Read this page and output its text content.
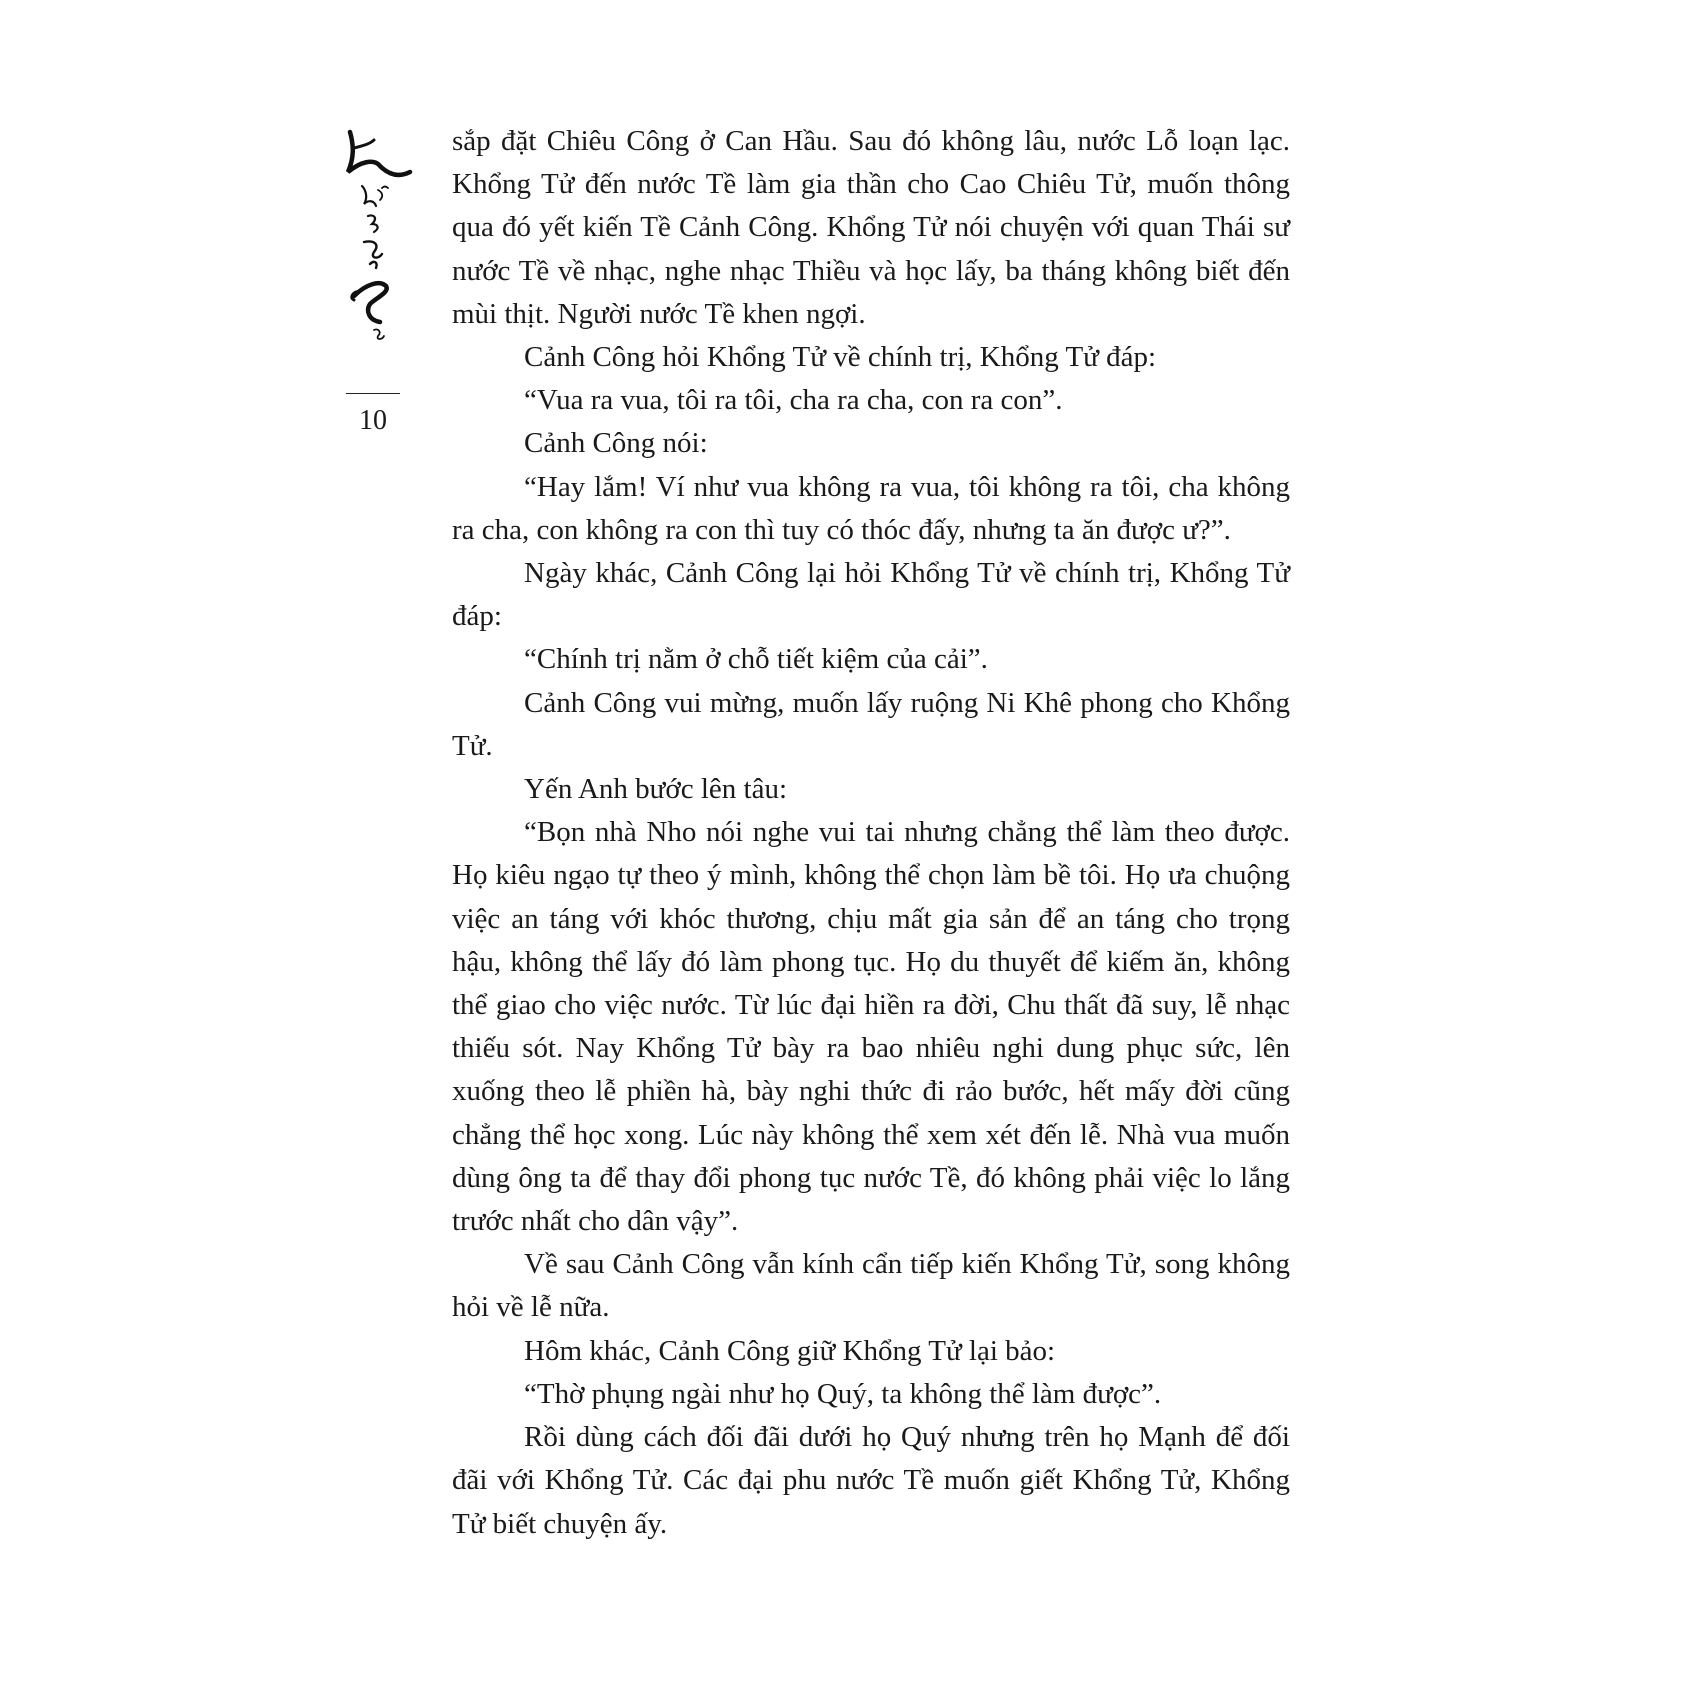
10

sắp đặt Chiêu Công ở Can Hầu. Sau đó không lâu, nước Lỗ loạn lạc. Khổng Tử đến nước Tề làm gia thần cho Cao Chiêu Tử, muốn thông qua đó yết kiến Tề Cảnh Công. Khổng Tử nói chuyện với quan Thái sư nước Tề về nhạc, nghe nhạc Thiều và học lấy, ba tháng không biết đến mùi thịt. Người nước Tề khen ngợi.

Cảnh Công hỏi Khổng Tử về chính trị, Khổng Tử đáp:

“Vua ra vua, tôi ra tôi, cha ra cha, con ra con”.

Cảnh Công nói:

“Hay lắm! Ví như vua không ra vua, tôi không ra tôi, cha không ra cha, con không ra con thì tuy có thóc đấy, nhưng ta ăn được ư?”.

Ngày khác, Cảnh Công lại hỏi Khổng Tử về chính trị, Khổng Tử đáp:

“Chính trị nằm ở chỗ tiết kiệm của cải”.

Cảnh Công vui mừng, muốn lấy ruộng Ni Khê phong cho Khổng Tử.

Yến Anh bước lên tâu:

“Bọn nhà Nho nói nghe vui tai nhưng chẳng thể làm theo được. Họ kiêu ngạo tự theo ý mình, không thể chọn làm bề tôi. Họ ưa chuộng việc an táng với khóc thương, chịu mất gia sản để an táng cho trọng hậu, không thể lấy đó làm phong tục. Họ du thuyết để kiếm ăn, không thể giao cho việc nước. Từ lúc đại hiền ra đời, Chu thất đã suy, lễ nhạc thiếu sót. Nay Khổng Tử bày ra bao nhiêu nghi dung phục sức, lên xuống theo lễ phiền hà, bày nghi thức đi rảo bước, hết mấy đời cũng chẳng thể học xong. Lúc này không thể xem xét đến lễ. Nhà vua muốn dùng ông ta để thay đổi phong tục nước Tề, đó không phải việc lo lắng trước nhất cho dân vậy”.

Về sau Cảnh Công vẫn kính cẩn tiếp kiến Khổng Tử, song không hỏi về lễ nữa.

Hôm khác, Cảnh Công giữ Khổng Tử lại bảo:

“Thờ phụng ngài như họ Quý, ta không thể làm được”.

Rồi dùng cách đối đãi dưới họ Quý nhưng trên họ Mạnh để đối đãi với Khổng Tử. Các đại phu nước Tề muốn giết Khổng Tử, Khổng Tử biết chuyện ấy.
